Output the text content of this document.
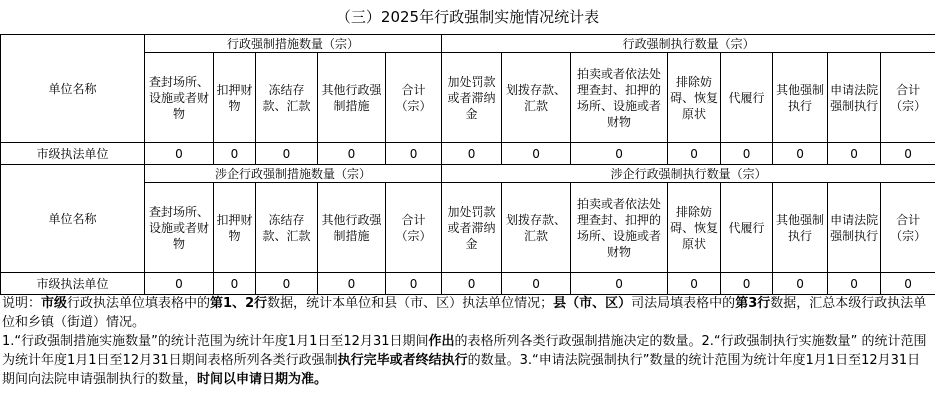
（三）2025年行政强制实施情况统计表
单位名称	行政强制措施数量（宗）					行政强制执行数量（宗）							
	查封场所、设施或者财物	扣押财物	冻结存款、汇款	其他行政强制措施	合计（宗）	加处罚款或者滞纳金	划拨存款、汇款	拍卖或者依法处理查封、扣押的场所、设施或者财物	排除妨碍、恢复原状	代履行	其他强制执行	申请法院强制执行	合计（宗）
市级执法单位	0	0	0	0	0	0	0	0	0	0	0	0	0
单位名称	涉企行政强制措施数量（宗）					涉企行政强制执行数量（宗）							
	查封场所、设施或者财物	扣押财物	冻结存款、汇款	其他行政强制措施	合计（宗）	加处罚款或者滞纳金	划拨存款、汇款	拍卖或者依法处理查封、扣押的场所、设施或者财物	排除妨碍、恢复原状	代履行	其他强制执行	申请法院强制执行	合计（宗）
市级执法单位	0	0	0	0	0	0	0	0	0	0	0	0	0
说明：市级行政执法单位填表格中的第1、2行数据，统计本单位和县（市、区）执法单位情况；县（市、区）司法局填表格中的第3行数据，汇总本级行政执法单位和乡镇（街道）情况。
1.“行政强制措施实施数量”的统计范围为统计年度1月1日至12月31日期间作出的表格所列各类行政强制措施决定的数量。2.“行政强制执行实施数量” 的统计范围为统计年度1月1日至12月31日期间表格所列各类行政强制执行完毕或者终结执行的数量。3.“申请法院强制执行”数量的统计范围为统计年度1月1日至12月31日期间向法院申请强制执行的数量，时间以申请日期为准。
